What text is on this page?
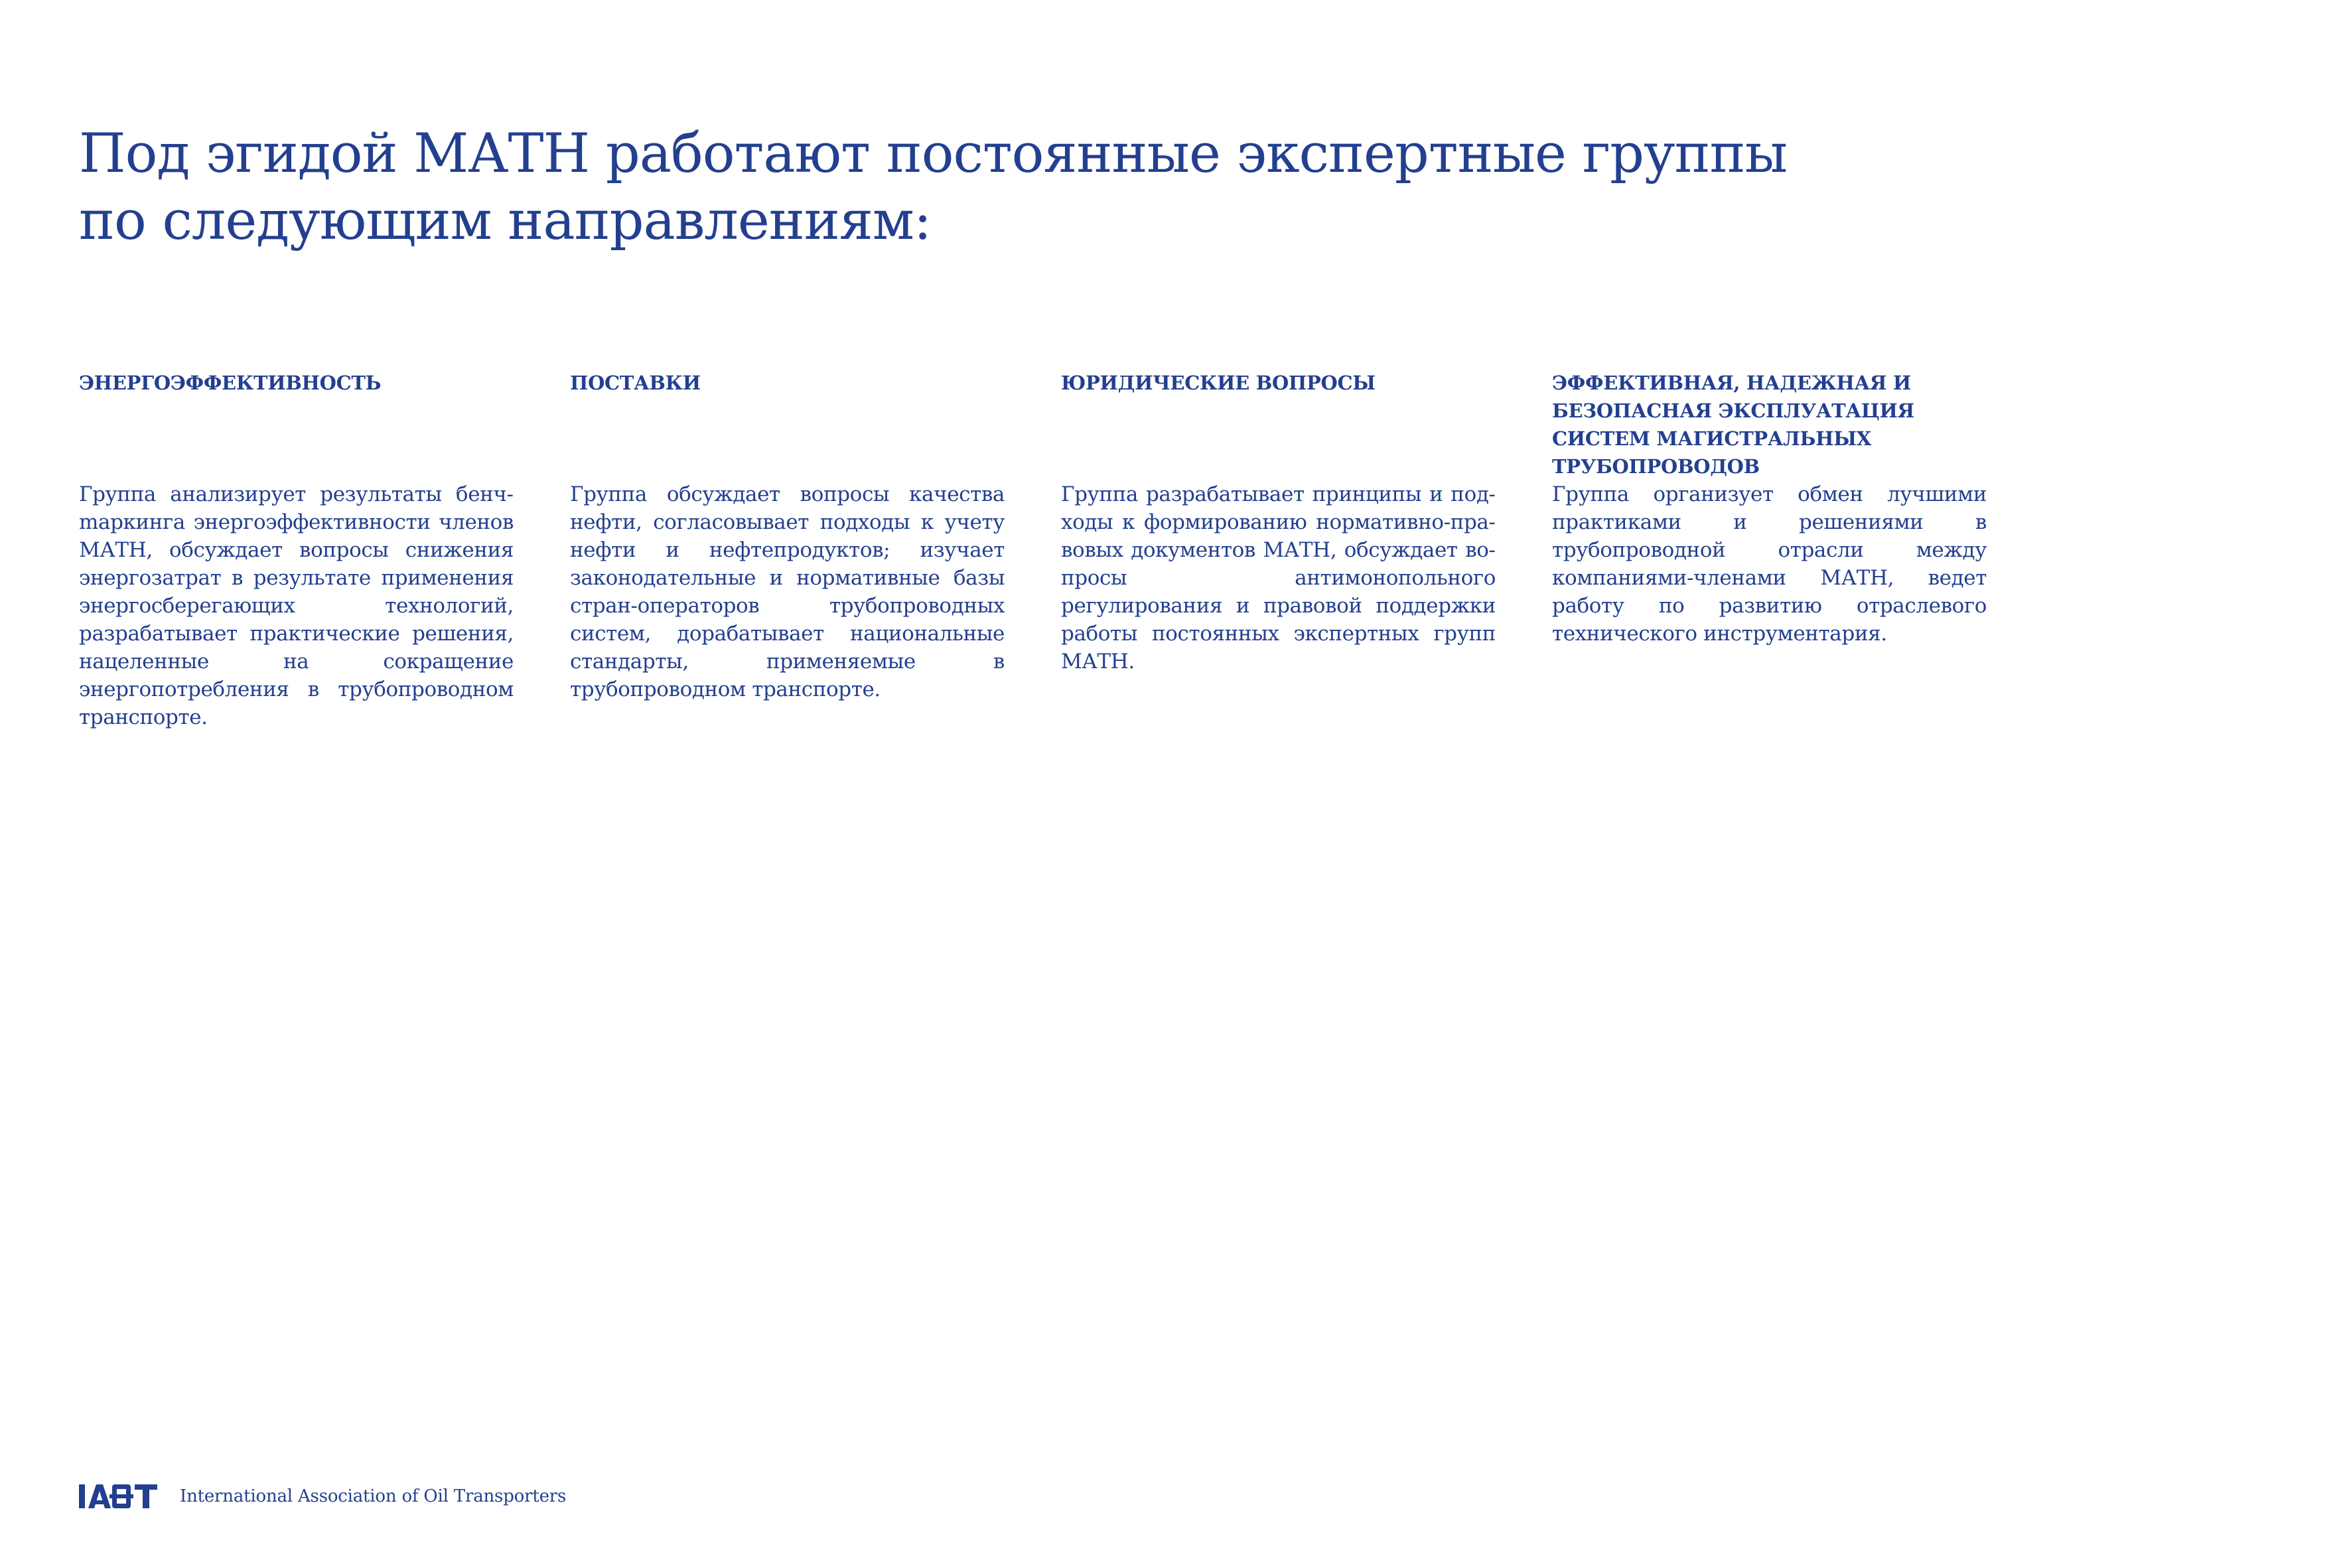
Под эгидой МАТН работают постоянные экспертные группы
по следующим направлениям:
ЭНЕРГОЭФФЕКТИВНОСТЬ

Группа анализирует результаты бенчmаркинга энергоэффективности членов МАТН, обсуждает вопросы снижения энергозатрат в результате применения энергосберегающих технологий, разрабатывает практические решения, нацеленные на сокращение энергопотребления в трубопроводном транспорте.

ПОСТАВКИ

Группа обсуждает вопросы качества нефти, согласовывает подходы к учету нефти и нефтепродуктов; изучает законодательные и нормативные базы стран-операторов трубопроводных систем, дорабатывает национальные стандарты, применяемые в трубопроводном транспорте.

ЮРИДИЧЕСКИЕ ВОПРОСЫ

Группа разрабатывает принципы и подходы к формированию нормативно-правовых документов МАТН, обсуждает вопросы антимонопольного регулирования и правовой поддержки работы постоянных экспертных групп МАТН.

ЭФФЕКТИВНАЯ, НАДЕЖНАЯ И БЕЗОПАСНАЯ ЭКСПЛУАТАЦИЯ СИСТЕМ МАГИСТРАЛЬНЫХ ТРУБОПРОВОДОВ

Группа организует обмен лучшими практиками и решениями в трубопроводной отрасли между компаниями-членами МАТН, ведет работу по развитию отраслевого технического инструментария.

International Association of Oil Transporters
